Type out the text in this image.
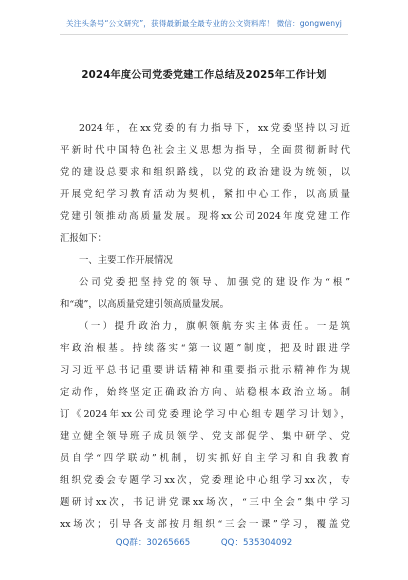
关注头条号“公文研究”，获得最新最全最专业的公文资料库！ 微信：gongwenyj
2024年度公司党委党建工作总结及2025年工作计划
2024年，在xx党委的有力指导下，xx党委坚持以习近
平新时代中国特色社会主义思想为指导，全面贯彻新时代
党的建设总要求和组织路线，以党的政治建设为统领，以
开展党纪学习教育活动为契机，紧扣中心工作，以高质量
党建引领推动高质量发展。现将xx公司2024年度党建工作
汇报如下：
一、主要工作开展情况
公司党委把坚持党的领导、加强党的建设作为“根”
和“魂”，以高质量党建引领高质量发展。
（一）提升政治力，旗帜领航夯实主体责任。一是筑
牢政治根基。持续落实“第一议题”制度，把及时跟进学
习习近平总书记重要讲话精神和重要指示批示精神作为规
定动作，始终坚定正确政治方向、站稳根本政治立场。制
订《2024年xx公司党委理论学习中心组专题学习计划》，
建立健全领导班子成员领学、党支部促学、集中研学、党
员自学“四学联动”机制，切实抓好自主学习和自我教育
组织党委会专题学习xx次，党委理论中心组学习xx次，专
题研讨xx次，书记讲党课xx场次，“三中全会”集中学习
xx场次；引导各支部按月组织“三会一课”学习，覆盖党
QQ群：30265665	QQ：535304092
